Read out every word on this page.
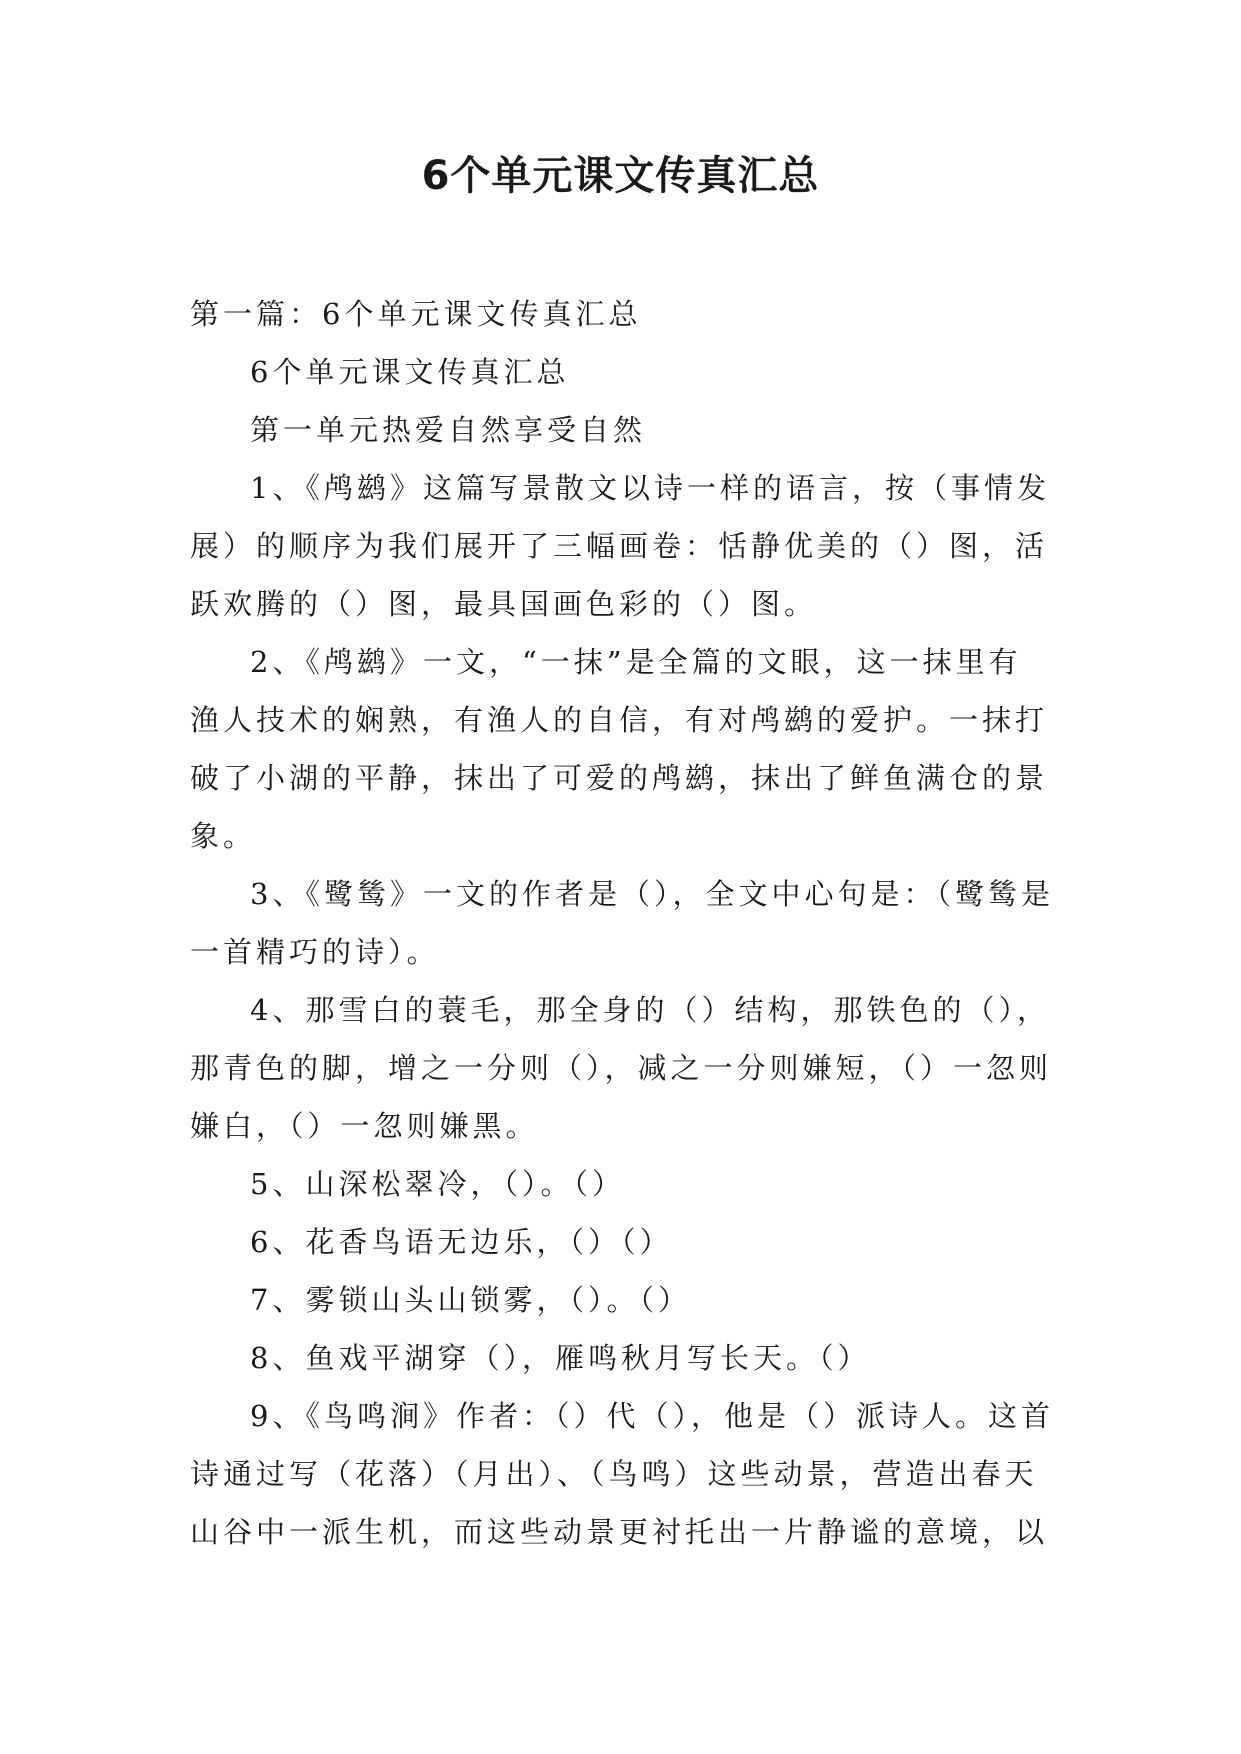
6个单元课文传真汇总

第一篇：6个单元课文传真汇总

6个单元课文传真汇总

第一单元热爱自然享受自然

1、《鸬鹚》这篇写景散文以诗一样的语言，按（事情发

展）的顺序为我们展开了三幅画卷：恬静优美的（）图，活

跃欢腾的（）图，最具国画色彩的（）图。

2、《鸬鹚》一文，“一抹”是全篇的文眼，这一抹里有

渔人技术的娴熟，有渔人的自信，有对鸬鹚的爱护。一抹打

破了小湖的平静，抹出了可爱的鸬鹚，抹出了鲜鱼满仓的景

象。

3、《鹭鸶》一文的作者是（），全文中心句是：（鹭鸶是

一首精巧的诗）。

4、那雪白的蓑毛，那全身的（）结构，那铁色的（），

那青色的脚，增之一分则（），减之一分则嫌短，（）一忽则

嫌白，（）一忽则嫌黑。

5、山深松翠冷，（）。（）

6、花香鸟语无边乐，（）（）

7、雾锁山头山锁雾，（）。（）

8、鱼戏平湖穿（），雁鸣秋月写长天。（）

9、《鸟鸣涧》作者：（）代（），他是（）派诗人。这首

诗通过写（花落）（月出）、（鸟鸣）这些动景，营造出春天

山谷中一派生机，而这些动景更衬托出一片静谧的意境，以
